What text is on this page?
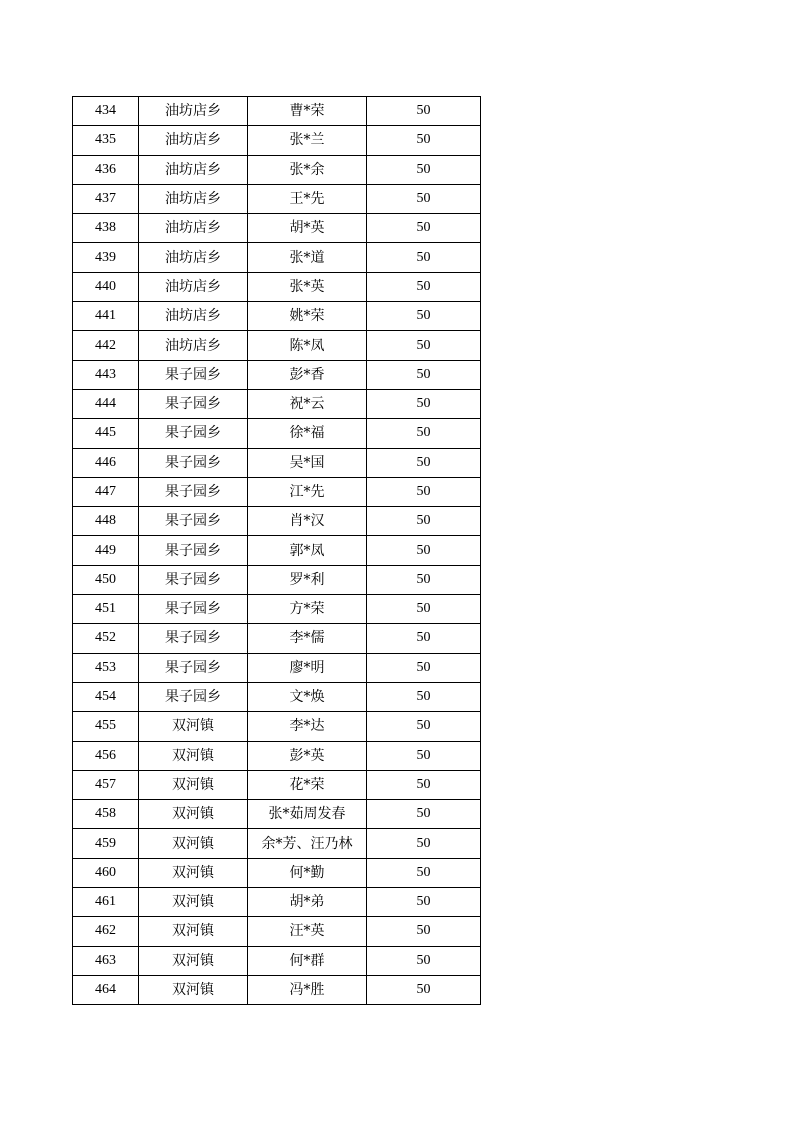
434	油坊店乡	曹*荣	50
435	油坊店乡	张*兰	50
436	油坊店乡	张*余	50
437	油坊店乡	王*先	50
438	油坊店乡	胡*英	50
439	油坊店乡	张*道	50
440	油坊店乡	张*英	50
441	油坊店乡	姚*荣	50
442	油坊店乡	陈*凤	50
443	果子园乡	彭*香	50
444	果子园乡	祝*云	50
445	果子园乡	徐*福	50
446	果子园乡	吴*国	50
447	果子园乡	江*先	50
448	果子园乡	肖*汉	50
449	果子园乡	郭*凤	50
450	果子园乡	罗*利	50
451	果子园乡	方*荣	50
452	果子园乡	李*儒	50
453	果子园乡	廖*明	50
454	果子园乡	文*焕	50
455	双河镇	李*达	50
456	双河镇	彭*英	50
457	双河镇	花*荣	50
458	双河镇	张*茹周发春	50
459	双河镇	余*芳、汪乃林	50
460	双河镇	何*勤	50
461	双河镇	胡*弟	50
462	双河镇	汪*英	50
463	双河镇	何*群	50
464	双河镇	冯*胜	50
